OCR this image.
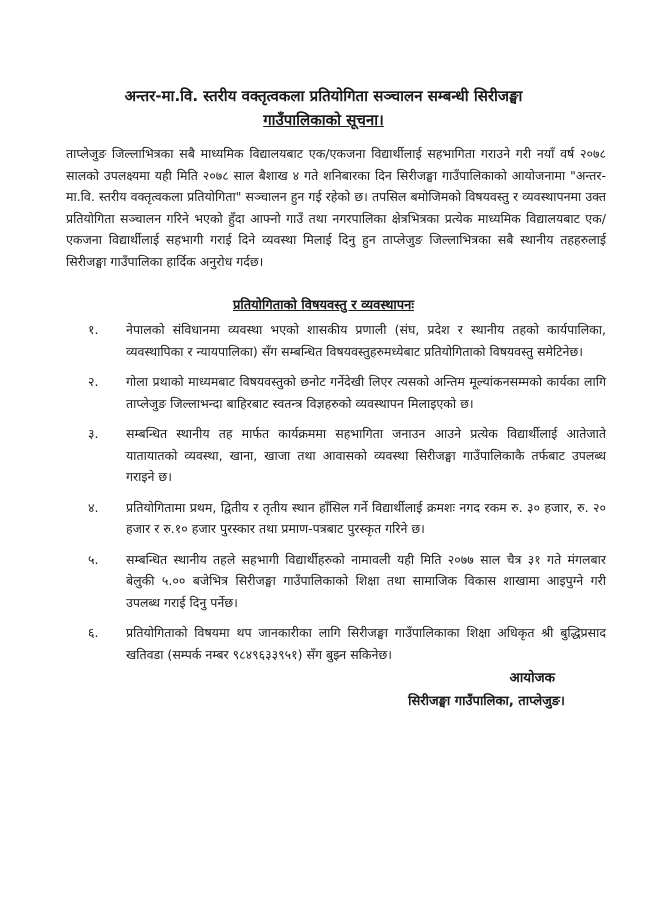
अन्तर-मा.वि. स्तरीय वक्तृत्वकला प्रतियोगिता सञ्चालन सम्बन्धी सिरीजङ्घा
गाउँपालिकाको सूचना।
ताप्लेजुङ जिल्लाभित्रका सबै माध्यमिक विद्यालयबाट एक/एकजना विद्यार्थीलाई सहभागिता गराउने गरी नयाँ वर्ष २०७८ सालको उपलक्ष्यमा यही मिति २०७८ साल बैशाख ४ गते शनिबारका दिन सिरीजङ्घा गाउँपालिकाको आयोजनामा "अन्तर-मा.वि. स्तरीय वक्तृत्वकला प्रतियोगिता" सञ्चालन हुन गई रहेको छ। तपसिल बमोजिमको विषयवस्तु र व्यवस्थापनमा उक्त प्रतियोगिता सञ्चालन गरिने भएको हुँदा आफ्नो गाउँ तथा नगरपालिका क्षेत्रभित्रका प्रत्येक माध्यमिक विद्यालयबाट एक/एकजना विद्यार्थीलाई सहभागी गराई दिने व्यवस्था मिलाई दिनु हुन ताप्लेजुङ जिल्लाभित्रका सबै स्थानीय तहहरुलाई सिरीजङ्घा गाउँपालिका हार्दिक अनुरोध गर्दछ।
प्रतियोगिताको विषयवस्तु र व्यवस्थापनः
१.	नेपालको संविधानमा व्यवस्था भएको शासकीय प्रणाली (संघ, प्रदेश र स्थानीय तहको कार्यपालिका, व्यवस्थापिका र न्यायपालिका) सँग सम्बन्धित विषयवस्तुहरुमध्येबाट प्रतियोगिताको विषयवस्तु समेटिनेछ।
२.	गोला प्रथाको माध्यमबाट विषयवस्तुको छनोट गर्नेदेखी लिएर त्यसको अन्तिम मूल्यांकनसम्मको कार्यका लागि ताप्लेजुङ जिल्लाभन्दा बाहिरबाट स्वतन्त्र विज्ञहरुको व्यवस्थापन मिलाइएको छ।
३.	सम्बन्धित स्थानीय तह मार्फत कार्यक्रममा सहभागिता जनाउन आउने प्रत्येक विद्यार्थीलाई आतेजाते यातायातको व्यवस्था, खाना, खाजा तथा आवासको व्यवस्था सिरीजङ्घा गाउँपालिकाकै तर्फबाट उपलब्ध गराइने छ।
४.	प्रतियोगितामा प्रथम, द्वितीय र तृतीय स्थान हाँसिल गर्ने विद्यार्थीलाई क्रमशः नगद रकम रु. ३० हजार, रु. २० हजार र रु.१० हजार पुरस्कार तथा प्रमाण-पत्रबाट पुरस्कृत गरिने छ।
५.	सम्बन्धित स्थानीय तहले सहभागी विद्यार्थीहरुको नामावली यही मिति २०७७ साल चैत्र ३१ गते मंगलबार बेलुकी ५.०० बजेभित्र सिरीजङ्घा गाउँपालिकाको शिक्षा तथा सामाजिक विकास शाखामा आइपुग्ने गरी उपलब्ध गराई दिनु पर्नेछ।
६.	प्रतियोगिताको विषयमा थप जानकारीका लागि सिरीजङ्घा गाउँपालिकाका शिक्षा अधिकृत श्री बुद्धिप्रसाद खतिवडा (सम्पर्क नम्बर ९८४९६३३९५१) सँग बुझ्न सकिनेछ।
आयोजक
सिरीजङ्घा गाउँपालिका, ताप्लेजुङ।
